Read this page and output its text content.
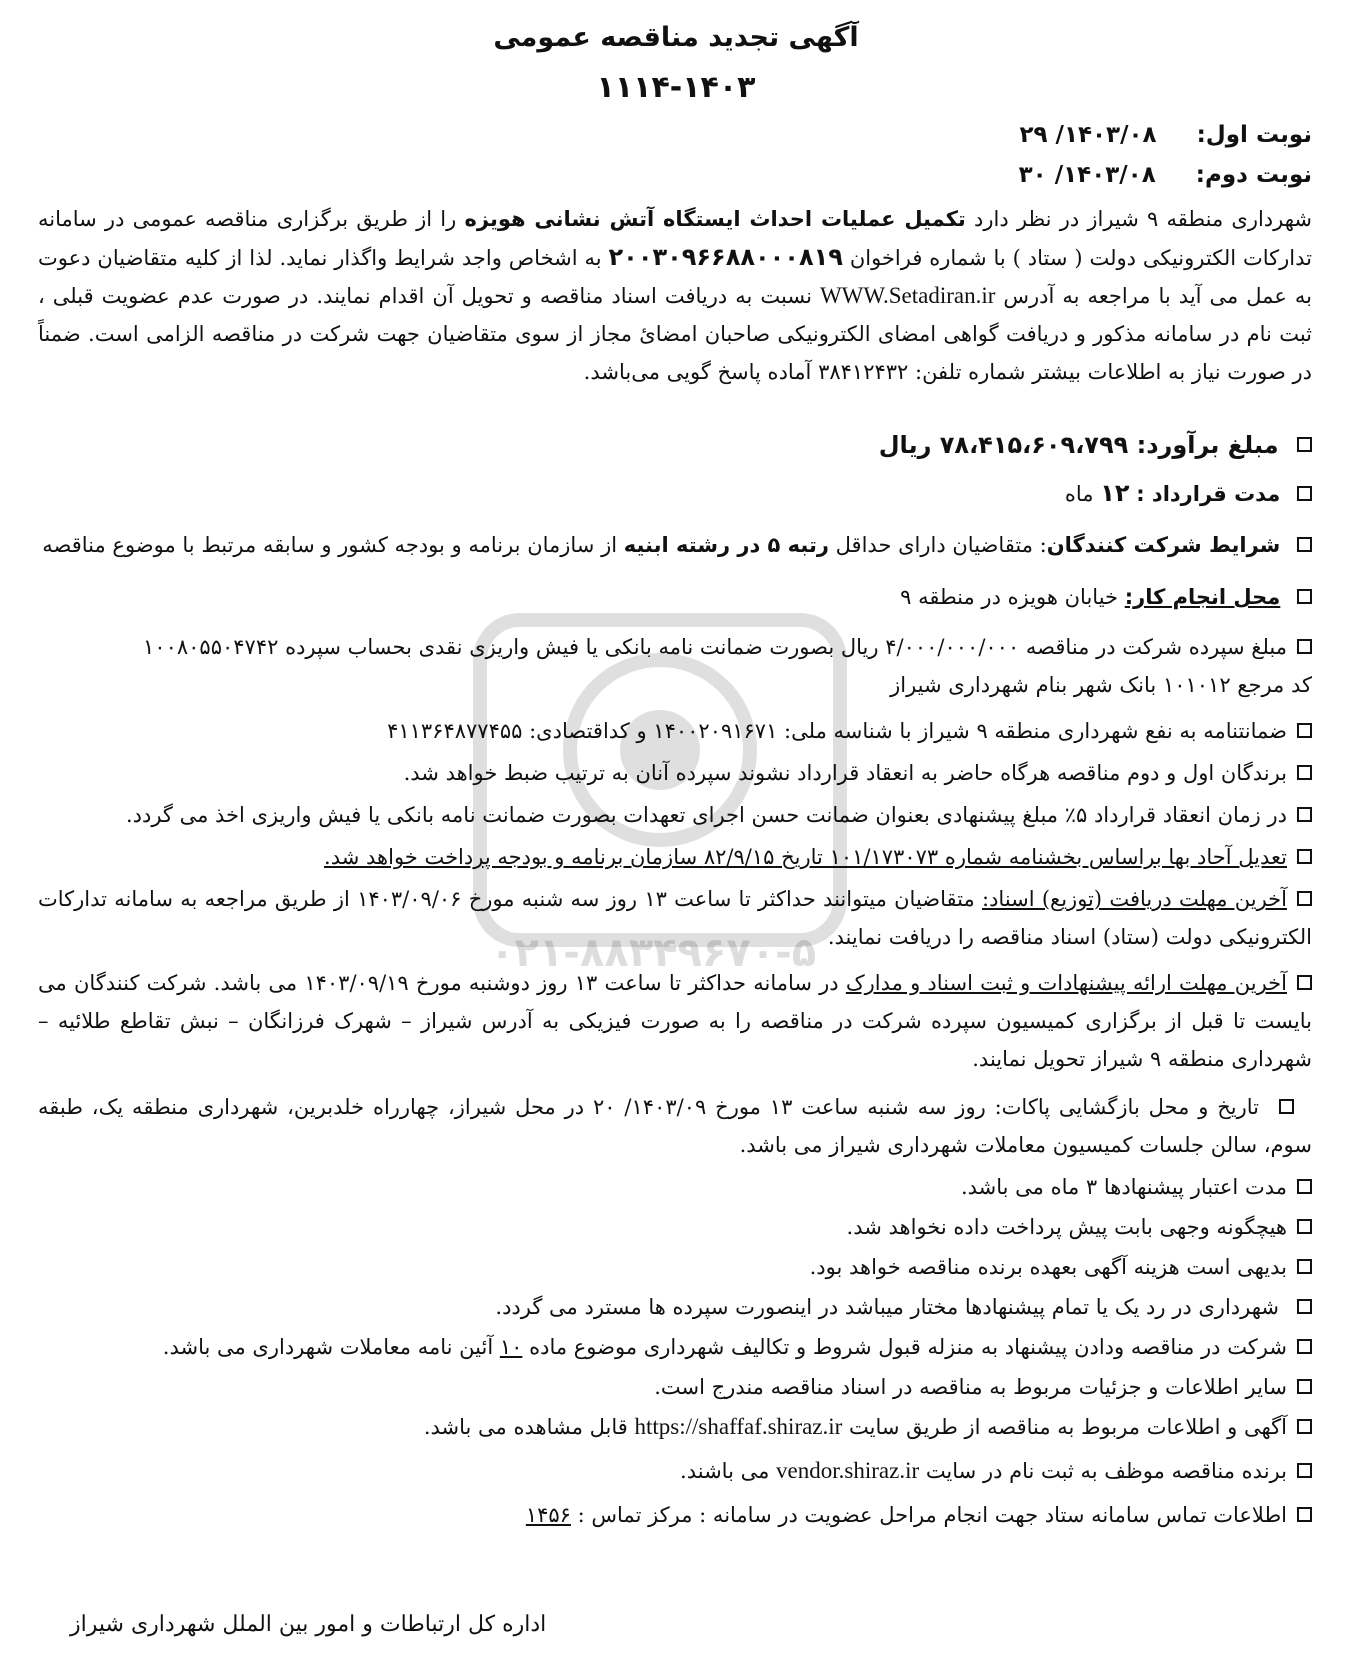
آگهی تجدید مناقصه عمومی
۱۱۱۴-۱۴۰۳
نوبت اول:  ۱۴۰۳/۰۸/ ۲۹
نوبت دوم:  ۱۴۰۳/۰۸/ ۳۰
شهرداری منطقه ۹ شیراز در نظر دارد تکمیل عملیات احداث ایستگاه آتش نشانی هویزه را از طریق برگزاری مناقصه عمومی در سامانه تدارکات الکترونیکی دولت ( ستاد ) با شماره فراخوان ۲۰۰۳۰۹۶۶۸۸۰۰۰۸۱۹ به اشخاص واجد شرایط واگذار نماید. لذا از کلیه متقاضیان دعوت به عمل می آید با مراجعه به آدرس WWW.Setadiran.ir نسبت به دریافت اسناد مناقصه و تحویل آن اقدام نمایند. در صورت عدم عضویت قبلی ، ثبت نام در سامانه مذکور و دریافت گواهی امضای الکترونیکی صاحبان امضائ مجاز از سوی متقاضیان جهت شرکت در مناقصه الزامی است. ضمناً در صورت نیاز به اطلاعات بیشتر شماره تلفن: ۳۸۴۱۲۴۳۲ آماده پاسخ گویی می‌باشد.
مبلغ برآورد: ۷۸،۴۱۵،۶۰۹،۷۹۹ ریال
مدت قرارداد : ۱۲ ماه
شرایط شرکت کنندگان: متقاضیان دارای حداقل رتبه ۵ در رشته ابنیه از سازمان برنامه و بودجه کشور و سابقه مرتبط با موضوع مناقصه
محل انجام کار: خیابان هویزه در منطقه ۹
مبلغ سپرده شرکت در مناقصه ۴/۰۰۰/۰۰۰/۰۰۰ ریال بصورت ضمانت نامه بانکی یا فیش واریزی نقدی بحساب سپرده ۱۰۰۸۰۵۵۰۴۷۴۲
کد مرجع ۱۰۱۰۱۲ بانک شهر بنام شهرداری شیراز
ضمانتنامه به نفع شهرداری منطقه ۹ شیراز با شناسه ملی: ۱۴۰۰۲۰۹۱۶۷۱ و کداقتصادی: ۴۱۱۳۶۴۸۷۷۴۵۵
برندگان اول و دوم مناقصه هرگاه حاضر به انعقاد قرارداد نشوند سپرده آنان به ترتیب ضبط خواهد شد.
در زمان انعقاد قرارداد ۵٪ مبلغ پیشنهادی بعنوان ضمانت حسن اجرای تعهدات بصورت ضمانت نامه بانکی یا فیش واریزی اخذ می گردد.
تعدیل آحاد بها براساس بخشنامه شماره ۱۰۱/۱۷۳۰۷۳ تاریخ ۸۲/۹/۱۵ سازمان برنامه و بودجه پرداخت خواهد شد.
آخرین مهلت دریافت (توزیع) اسناد: متقاضیان میتوانند حداکثر تا ساعت ۱۳ روز سه شنبه مورخ ۱۴۰۳/۰۹/۰۶ از طریق مراجعه به سامانه تدارکات الکترونیکی دولت (ستاد) اسناد مناقصه را دریافت نمایند.
آخرین مهلت ارائه پیشنهادات و ثبت اسناد و مدارک در سامانه حداکثر تا ساعت ۱۳ روز دوشنبه مورخ ۱۴۰۳/۰۹/۱۹ می باشد. شرکت کنندگان می بایست تا قبل از برگزاری کمیسیون سپرده شرکت در مناقصه را به صورت فیزیکی به آدرس شیراز – شهرک فرزانگان – نبش تقاطع طلائیه – شهرداری منطقه ۹ شیراز تحویل نمایند.
تاریخ و محل بازگشایی پاکات: روز سه شنبه ساعت ۱۳ مورخ ۱۴۰۳/۰۹/ ۲۰ در محل شیراز، چهارراه خلدبرین، شهرداری منطقه یک، طبقه سوم، سالن جلسات کمیسیون معاملات شهرداری شیراز می باشد.
مدت اعتبار پیشنهادها ۳ ماه می باشد.
هیچگونه وجهی بابت پیش پرداخت داده نخواهد شد.
بدیهی است هزینه آگهی بعهده برنده مناقصه خواهد بود.
شهرداری در رد یک یا تمام پیشنهادها مختار میباشد در اینصورت سپرده ها مسترد می گردد.
شرکت در مناقصه ودادن پیشنهاد به منزله قبول شروط و تکالیف شهرداری موضوع ماده ۱۰ آئین نامه معاملات شهرداری می باشد.
سایر اطلاعات و جزئیات مربوط به مناقصه در اسناد مناقصه مندرج است.
آگهی و اطلاعات مربوط به مناقصه از طریق سایت https://shaffaf.shiraz.ir قابل مشاهده می باشد.
برنده مناقصه موظف به ثبت نام در سایت vendor.shiraz.ir می باشند.
اطلاعات تماس سامانه ستاد جهت انجام مراحل عضویت در سامانه : مرکز تماس : ۱۴۵۶
اداره کل ارتباطات و امور بین الملل شهرداری شیراز
۰۲۱-۸۸۳۴۹۶۷۰-۵
